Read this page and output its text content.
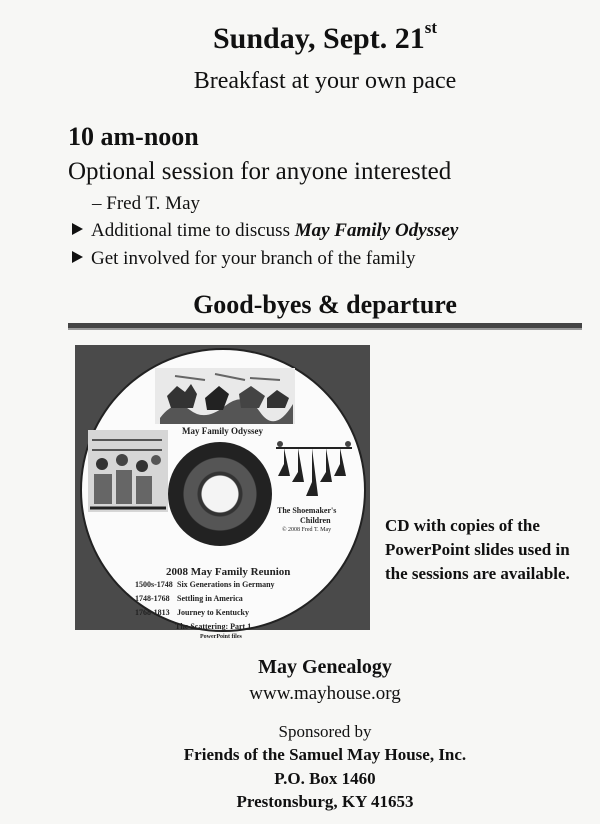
Sunday, Sept. 21st
Breakfast at your own pace
10 am-noon
Optional session for anyone interested
– Fred T. May
Additional time to discuss May Family Odyssey
Get involved for your branch of the family
Good-byes & departure
May Family Odyssey
The Shoemaker's
Children
© 2008 Fred T. May
2008 May Family Reunion
1500s-1748 Six Generations in Germany
1748-1768 Settling in America
1768-1813 Journey to Kentucky
The Scattering: Part 1
PowerPoint files
CD with copies of the PowerPoint slides used in the sessions are available.
May Genealogy
www.mayhouse.org
Sponsored by
Friends of the Samuel May House, Inc.
P.O. Box 1460
Prestonsburg, KY 41653
